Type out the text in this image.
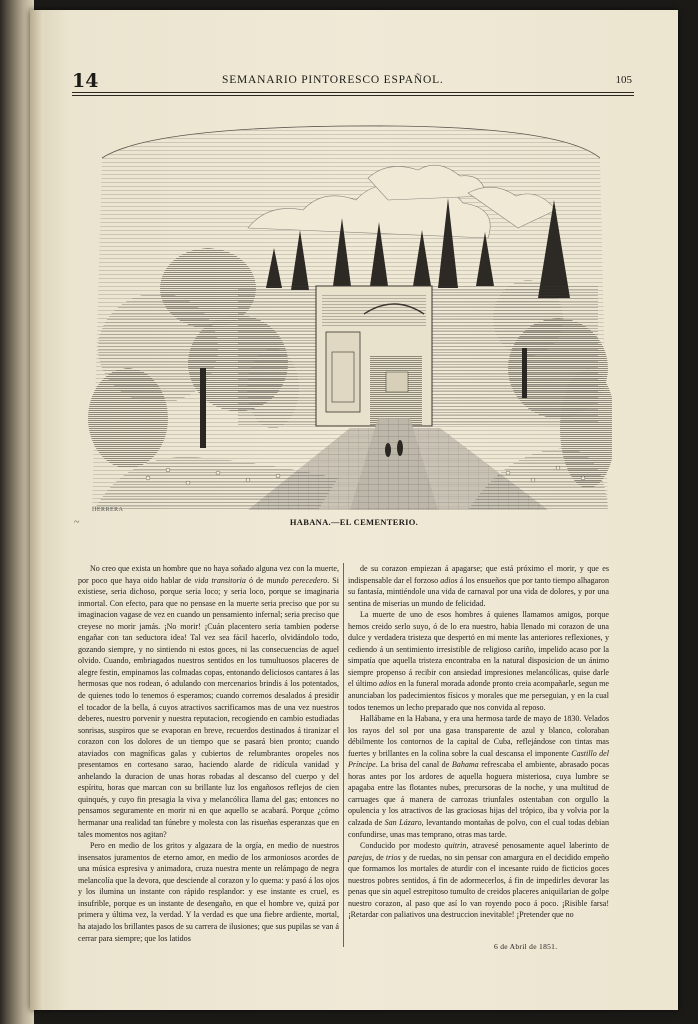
14	SEMANARIO PINTORESCO ESPAÑOL.	105
HERRERA
~	HABANA.—EL CEMENTERIO.

No creo que exista un hombre que no haya soñado alguna vez con la muerte, por poco que haya oido hablar de vida transitoria ó de mundo perecedero. Si existiese, seria dichoso, porque seria loco; y seria loco, porque se imaginaria inmortal. Con efecto, para que no pensase en la muerte seria preciso que por su imaginacion vagase de vez en cuando un pensamiento infernal; seria preciso que creyese no morir jamás. ¡No morir! ¡Cuán placentero seria tambien poderse engañar con tan seductora idea! Tal vez sea fácil hacerlo, olvidándolo todo, gozando siempre, y no sintiendo ni estos goces, ni las consecuencias de aquel olvido. Cuando, embriagados nuestros sentidos en los tumultuosos placeres de alegre festin, empinamos las colmadas copas, entonando deliciosos cantares á las hermosas que nos rodean, ó adulando con mercenarios brindis á los potentados, de quienes todo lo tenemos ó esperamos; cuando corremos desalados á presidir el tocador de la bella, á cuyos atractivos sacrificamos mas de una vez nuestros deberes, nuestro porvenir y nuestra reputacion, recogiendo en cambio estudiadas sonrisas, suspiros que se evaporan en breve, recuerdos destinados á tiranizar el corazon con los dolores de un tiempo que se pasará bien pronto; cuando ataviados con magníficas galas y cubiertos de relumbrantes oropeles nos presentamos en cortesano sarao, haciendo alarde de ridícula vanidad y anhelando la duracion de unas horas robadas al descanso del cuerpo y del espíritu, horas que marcan con su brillante luz los engañosos reflejos de cien quinqués, y cuyo fin presagia la viva y melancólica llama del gas; entonces no pensamos seguramente en morir ni en que aquello se acabará. Porque ¿cómo hermanar una realidad tan fúnebre y molesta con las risueñas esperanzas que en tales momentos nos agitan?

Pero en medio de los gritos y algazara de la orgía, en medio de nuestros insensatos juramentos de eterno amor, en medio de los armoniosos acordes de una música espresiva y animadora, cruza nuestra mente un relámpago de negra melancolía que la devora, que desciende al corazon y lo quema: y pasó á los ojos y los ilumina un instante con rápido resplandor: y ese instante es cruel, es insufrible, porque es un instante de desengaño, en que el hombre ve, quizá por primera y última vez, la verdad. Y la verdad es que una fiebre ardiente, mortal, ha atajado los brillantes pasos de su carrera de ilusiones; que sus pupilas se van á cerrar para siempre; que los latidos

de su corazon empiezan á apagarse; que está próximo el morir, y que es indispensable dar el forzoso adios á los ensueños que por tanto tiempo alhagaron su fantasía, mintiéndole una vida de carnaval por una vida de dolores, y por una sentina de miserias un mundo de felicidad.

La muerte de uno de esos hombres á quienes llamamos amigos, porque hemos creido serlo suyo, ó de lo era nuestro, habia llenado mi corazon de una dulce y verdadera tristeza que despertó en mi mente las anteriores reflexiones, y cediendo á un sentimiento irresistible de religioso cariño, impelido acaso por la simpatía que aquella tristeza encontraba en la natural disposicion de un ánimo siempre propenso á recibir con ansiedad impresiones melancólicas, quise darle el último adios en la funeral morada adonde pronto creia acompañarle, segun me anunciaban los padecimientos físicos y morales que me perseguian, y en la cual todos tenemos un lecho preparado que nos convida al reposo.

Hallábame en la Habana, y era una hermosa tarde de mayo de 1830. Velados los rayos del sol por una gasa transparente de azul y blanco, coloraban débilmente los contornos de la capital de Cuba, reflejándose con tintas mas fuertes y brillantes en la colina sobre la cual descansa el imponente Castillo del Príncipe. La brisa del canal de Bahama refrescaba el ambiente, abrasado pocas horas antes por los ardores de aquella hoguera misteriosa, cuya lumbre se apagaba entre las flotantes nubes, precursoras de la noche, y una multitud de carruages que á manera de carrozas triunfales ostentaban con orgullo la opulencia y los atractivos de las graciosas hijas del trópico, iba y volvia por la calzada de San Lázaro, levantando montañas de polvo, con el cual todas debian confundirse, unas mas temprano, otras mas tarde.

Conducido por modesto quitrin, atravesé penosamente aquel laberinto de parejas, de trios y de ruedas, no sin pensar con amargura en el decidido empeño que formamos los mortales de aturdir con el incesante ruido de ficticios goces nuestros pobres sentidos, á fin de adormecerlos, á fin de impedirles devorar las penas que sin aquel estrepitoso tumulto de creidos placeres aniquilarian de golpe nuestro corazon, al paso que así lo van royendo poco á poco. ¡Risible farsa! ¡Retardar con paliativos una destruccion inevitable! ¡Pretender que no

6 de Abril de 1851.
